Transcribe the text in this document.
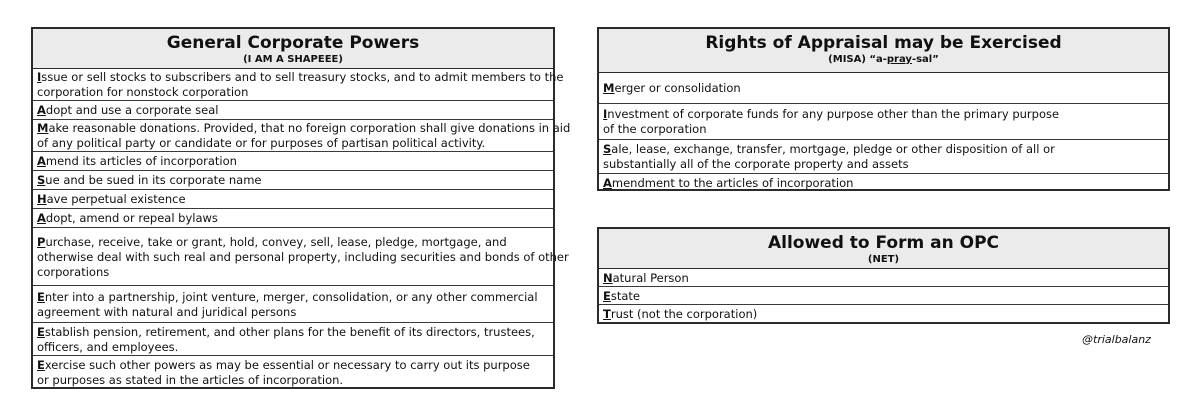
General Corporate Powers
(I AM A SHAPEEE)
Issue or sell stocks to subscribers and to sell treasury stocks, and to admit members to the
corporation for nonstock corporation
Adopt and use a corporate seal
Make reasonable donations. Provided, that no foreign corporation shall give donations in aid
of any political party or candidate or for purposes of partisan political activity.
Amend its articles of incorporation
Sue and be sued in its corporate name
Have perpetual existence
Adopt, amend or repeal bylaws
Purchase, receive, take or grant, hold, convey, sell, lease, pledge, mortgage, and
otherwise deal with such real and personal property, including securities and bonds of other
corporations
Enter into a partnership, joint venture, merger, consolidation, or any other commercial
agreement with natural and juridical persons
Establish pension, retirement, and other plans for the benefit of its directors, trustees,
officers, and employees.
Exercise such other powers as may be essential or necessary to carry out its purpose
or purposes as stated in the articles of incorporation.
Rights of Appraisal may be Exercised
(MISA) “a-pray-sal”
Merger or consolidation
Investment of corporate funds for any purpose other than the primary purpose
of the corporation
Sale, lease, exchange, transfer, mortgage, pledge or other disposition of all or
substantially all of the corporate property and assets
Amendment to the articles of incorporation
Allowed to Form an OPC
(NET)
Natural Person
Estate
Trust (not the corporation)
@trialbalanz
